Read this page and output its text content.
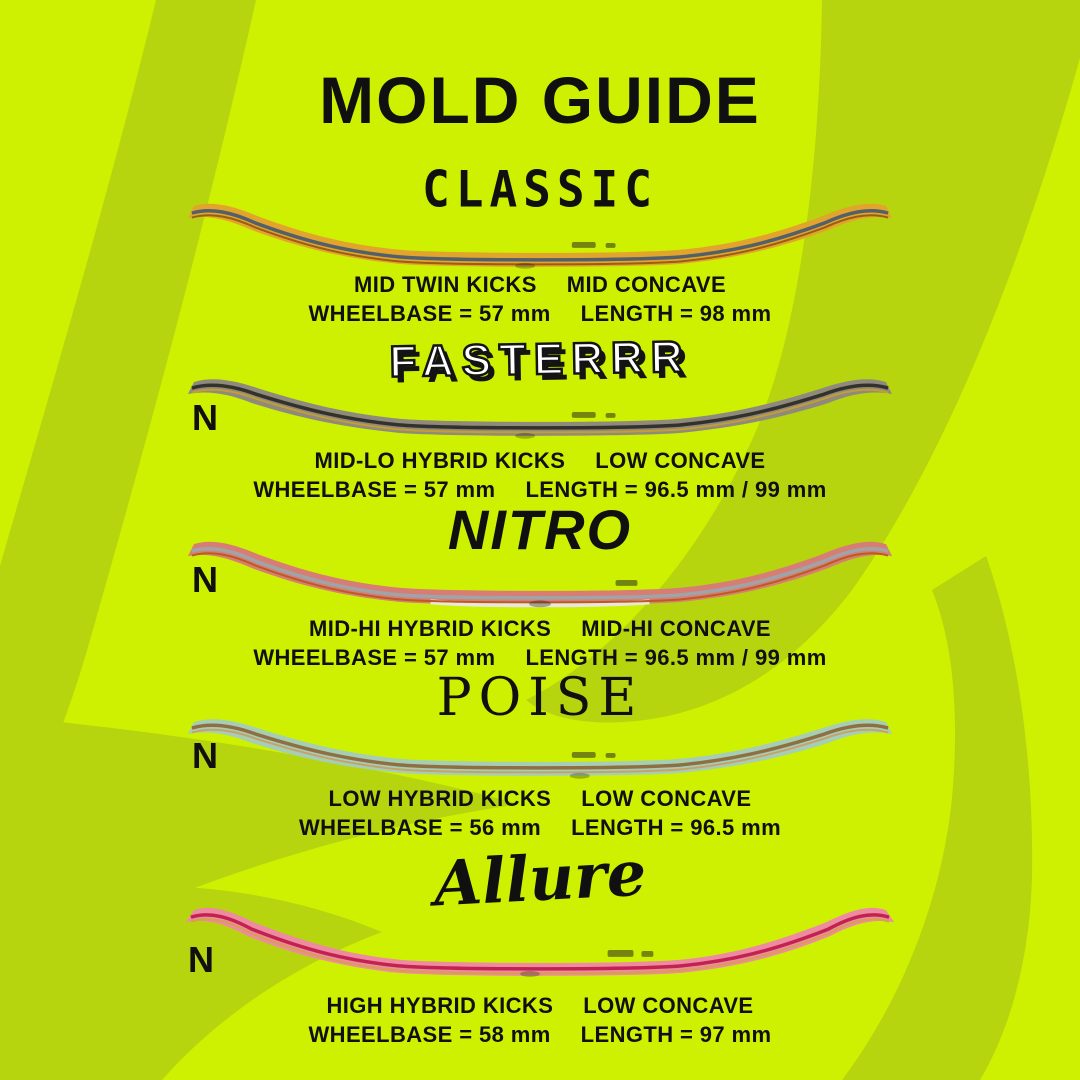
MOLD GUIDE
CLASSIC

MID TWIN KICKS MID CONCAVE

WHEELBASE = 57 mm LENGTH = 98 mm

FASTERRR
N

MID-LO HYBRID KICKS LOW CONCAVE

WHEELBASE = 57 mm LENGTH = 96.5 mm / 99 mm

NITRO
N

MID-HI HYBRID KICKS MID-HI CONCAVE

WHEELBASE = 57 mm LENGTH = 96.5 mm / 99 mm

POISE
N

LOW HYBRID KICKS LOW CONCAVE

WHEELBASE = 56 mm LENGTH = 96.5 mm

Allure
N

HIGH HYBRID KICKS LOW CONCAVE

WHEELBASE = 58 mm LENGTH = 97 mm
